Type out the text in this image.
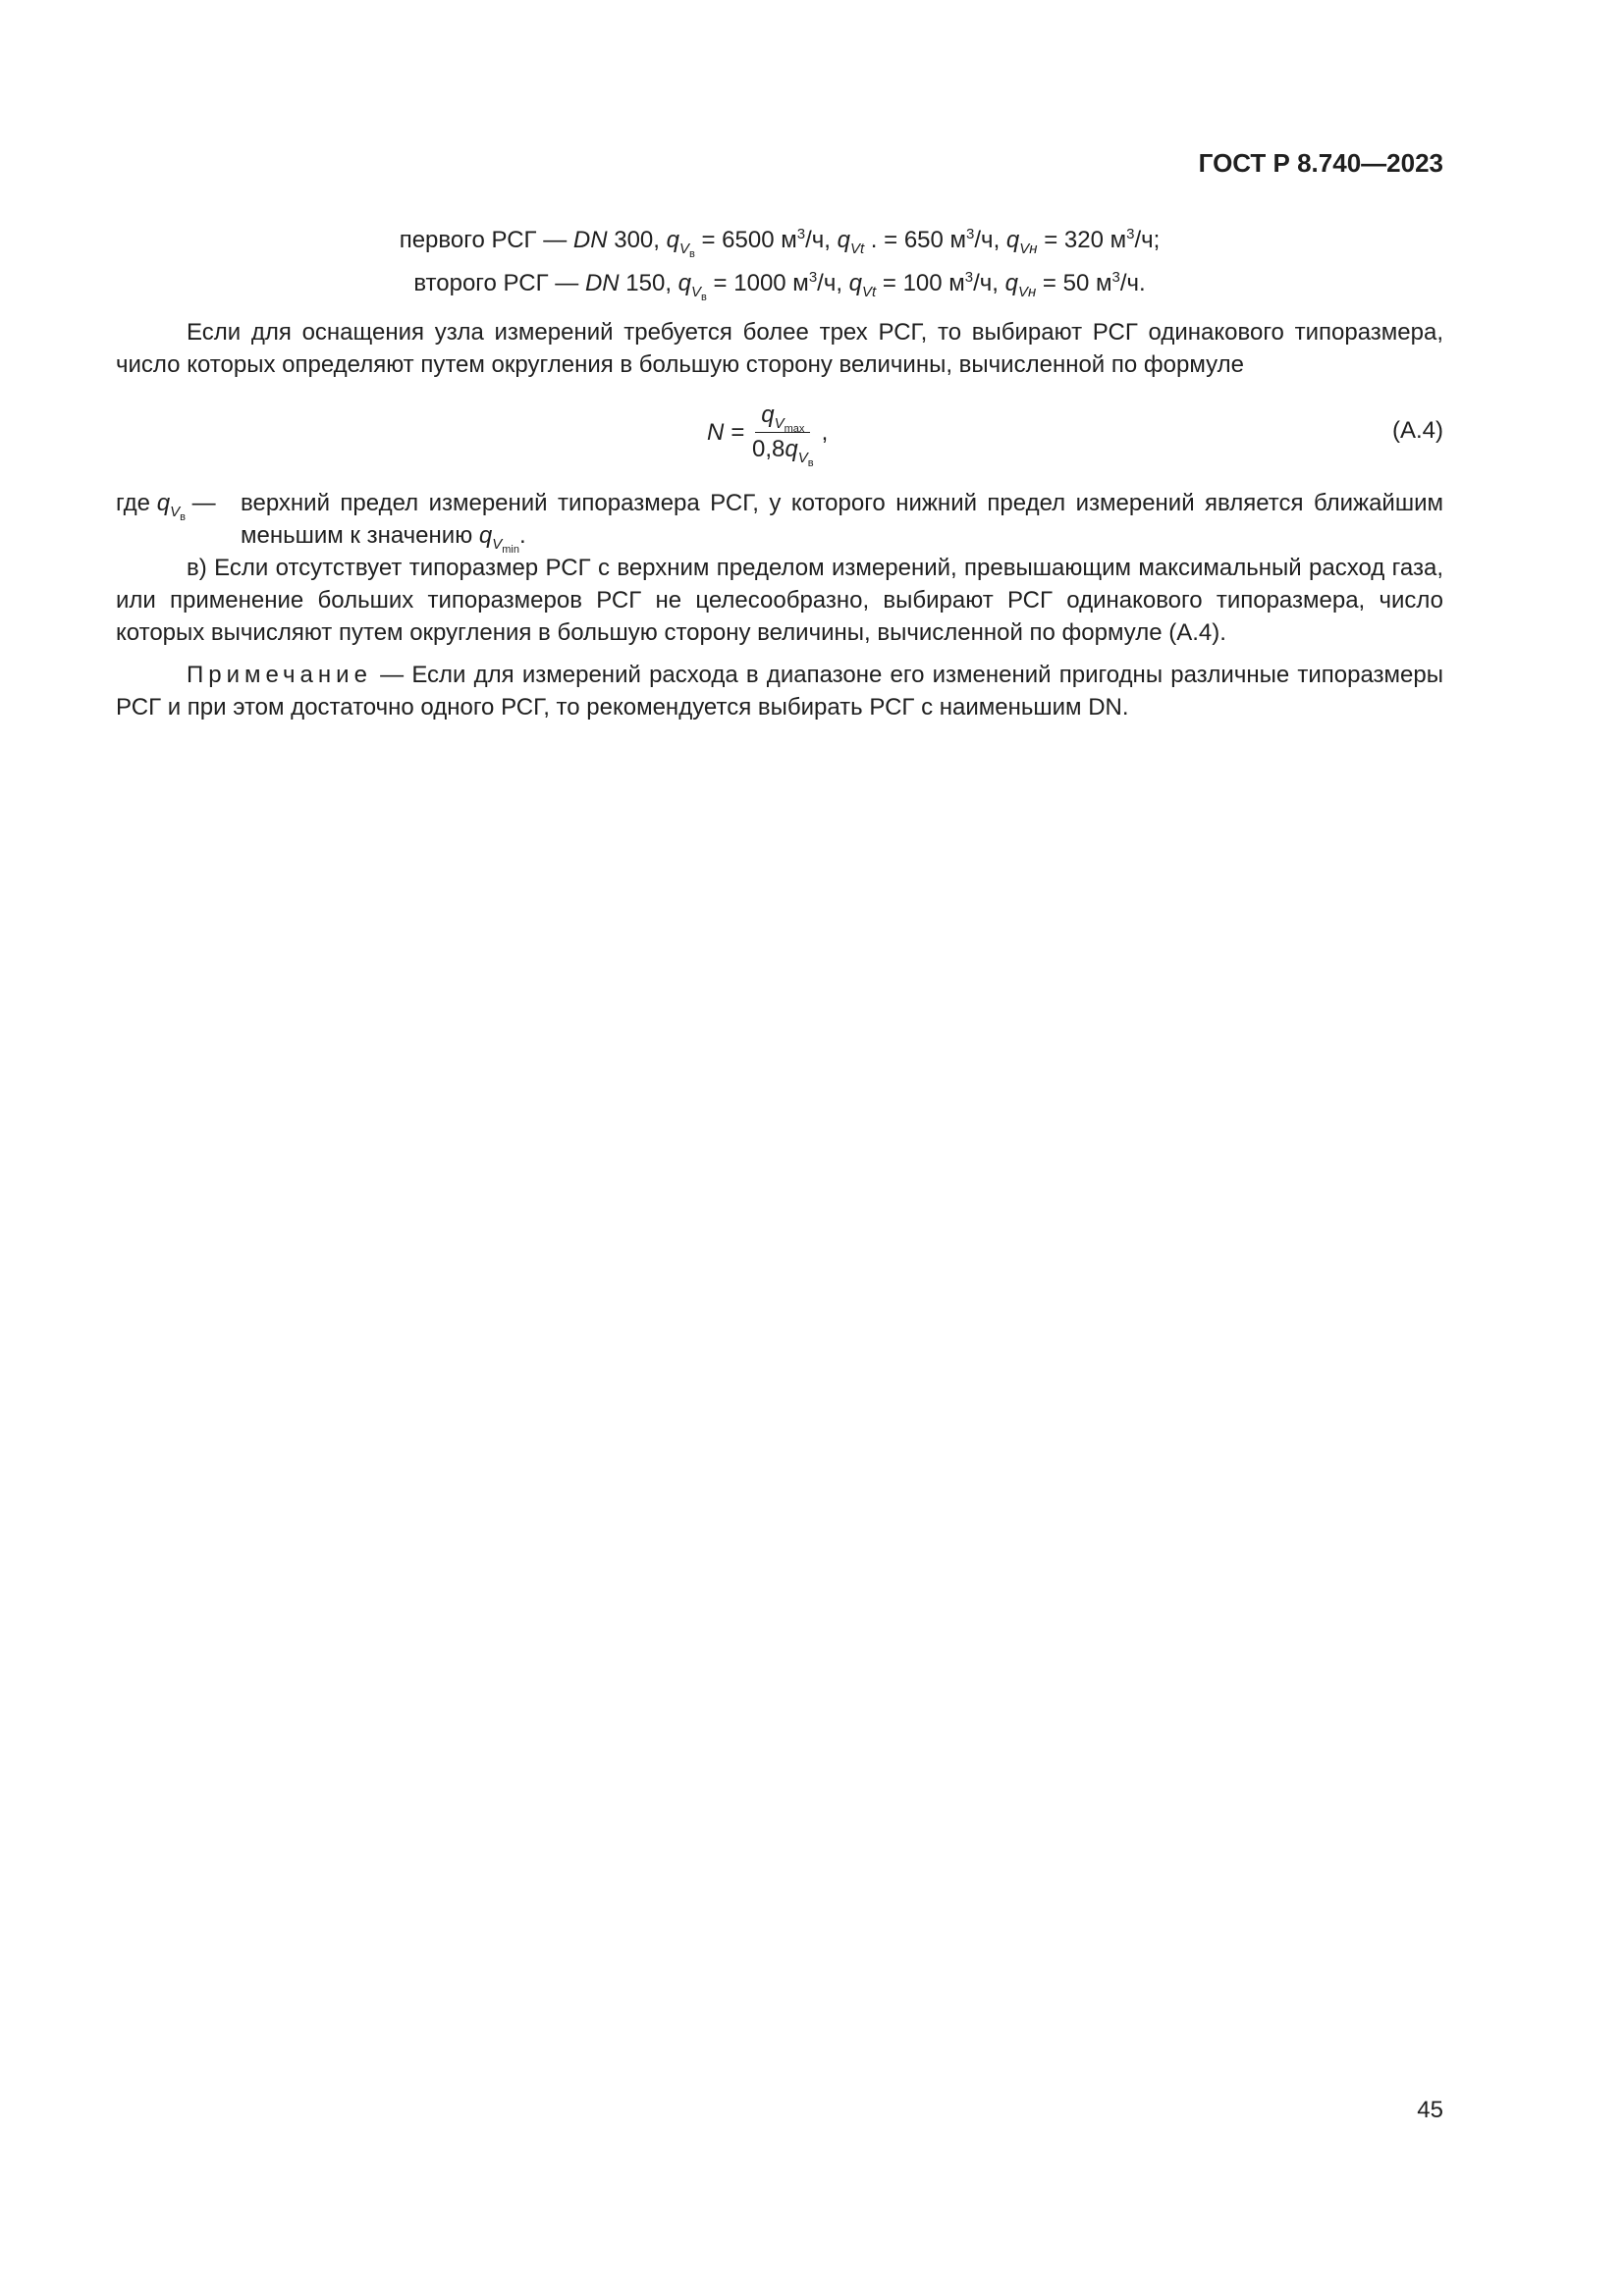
ГОСТ Р 8.740—2023
первого РСГ — DN 300, $q_{V_в} = 6500$ $м^3/ч$, $q_{Vt}$ . = 650 $м^3/ч$, $q_{Vн} = 320$ $м^3/ч$;
второго РСГ — DN 150, $q_{V_в} = 1000$ $м^3/ч$, $q_{Vt} = 100$ $м^3/ч$, $q_{Vн} = 50$ $м^3/ч$.
Если для оснащения узла измерений требуется более трех РСГ, то выбирают РСГ одинакового типоразмера, число которых определяют путем округления в большую сторону величины, вычисленной по формуле
$N = \frac{q_{V_{max}}}{0,8q_{V_в}}$ ,	(А.4)
где $q_{V_в}$ —	верхний предел измерений типоразмера РСГ, у которого нижний предел измерений является ближайшим меньшим к значению $q_{V_{min}}$.
в) Если отсутствует типоразмер РСГ с верхним пределом измерений, превышающим максимальный расход газа, или применение больших типоразмеров РСГ не целесообразно, выбирают РСГ одинакового типоразмера, число которых вычисляют путем округления в большую сторону величины, вычисленной по формуле (А.4).
Примечание — Если для измерений расхода в диапазоне его изменений пригодны различные типоразмеры РСГ и при этом достаточно одного РСГ, то рекомендуется выбирать РСГ с наименьшим DN.
45
